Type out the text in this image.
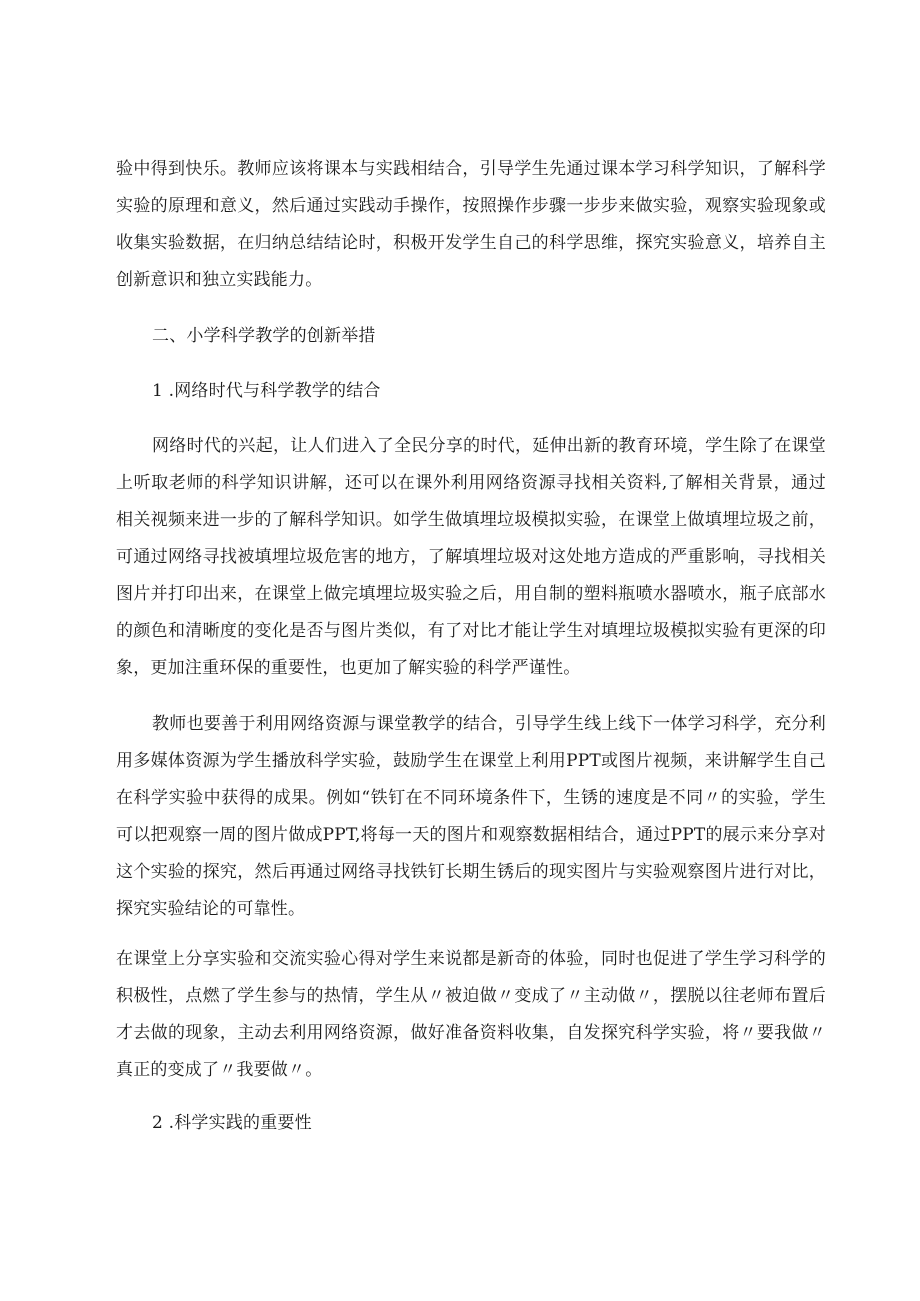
验中得到快乐。教师应该将课本与实践相结合，引导学生先通过课本学习科学知识，了解科学实验的原理和意义，然后通过实践动手操作，按照操作步骤一步步来做实验，观察实验现象或收集实验数据，在归纳总结结论时，积极开发学生自己的科学思维，探究实验意义，培养自主创新意识和独立实践能力。

二、小学科学教学的创新举措

1 .网络时代与科学教学的结合

网络时代的兴起，让人们进入了全民分享的时代，延伸出新的教育环境，学生除了在课堂上听取老师的科学知识讲解，还可以在课外利用网络资源寻找相关资料,了解相关背景，通过相关视频来进一步的了解科学知识。如学生做填埋垃圾模拟实验，在课堂上做填埋垃圾之前，可通过网络寻找被填埋垃圾危害的地方，了解填埋垃圾对这处地方造成的严重影响，寻找相关图片并打印出来，在课堂上做完填埋垃圾实验之后，用自制的塑料瓶喷水器喷水，瓶子底部水的颜色和清晰度的变化是否与图片类似，有了对比才能让学生对填埋垃圾模拟实验有更深的印象，更加注重环保的重要性，也更加了解实验的科学严谨性。

教师也要善于利用网络资源与课堂教学的结合，引导学生线上线下一体学习科学，充分利用多媒体资源为学生播放科学实验，鼓励学生在课堂上利用PPT或图片视频，来讲解学生自己在科学实验中获得的成果。例如“铁钉在不同环境条件下，生锈的速度是不同〃的实验，学生可以把观察一周的图片做成PPT,将每一天的图片和观察数据相结合，通过PPT的展示来分享对这个实验的探究，然后再通过网络寻找铁钉长期生锈后的现实图片与实验观察图片进行对比，探究实验结论的可靠性。

在课堂上分享实验和交流实验心得对学生来说都是新奇的体验，同时也促进了学生学习科学的积极性，点燃了学生参与的热情，学生从〃被迫做〃变成了〃主动做〃，摆脱以往老师布置后才去做的现象，主动去利用网络资源，做好准备资料收集，自发探究科学实验，将〃要我做〃真正的变成了〃我要做〃。

2 .科学实践的重要性
